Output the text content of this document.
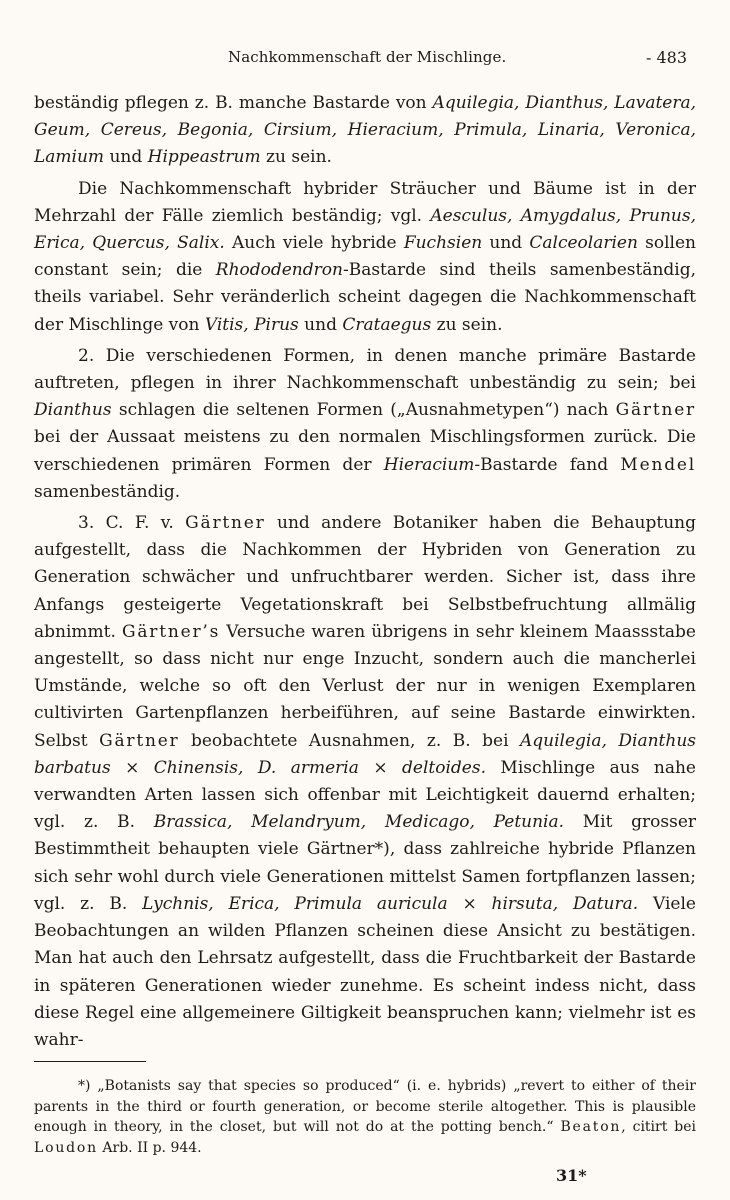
Nachkommenschaft der Mischlinge.	- 483

beständig pflegen z. B. manche Bastarde von Aquilegia, Dianthus, Lavatera, Geum, Cereus, Begonia, Cirsium, Hieracium, Primula, Linaria, Veronica, Lamium und Hippeastrum zu sein.

Die Nachkommenschaft hybrider Sträucher und Bäume ist in der Mehrzahl der Fälle ziemlich beständig; vgl. Aesculus, Amygdalus, Prunus, Erica, Quercus, Salix. Auch viele hybride Fuchsien und Calceolarien sollen constant sein; die Rhododendron-Bastarde sind theils samenbeständig, theils variabel. Sehr veränderlich scheint dagegen die Nachkommenschaft der Mischlinge von Vitis, Pirus und Crataegus zu sein.

2. Die verschiedenen Formen, in denen manche primäre Bastarde auftreten, pflegen in ihrer Nachkommenschaft unbeständig zu sein; bei Dianthus schlagen die seltenen Formen („Ausnahmetypen“) nach Gärtner bei der Aussaat meistens zu den normalen Mischlingsformen zurück. Die verschiedenen primären Formen der Hieracium-Bastarde fand Mendel samenbeständig.

3. C. F. v. Gärtner und andere Botaniker haben die Behauptung aufgestellt, dass die Nachkommen der Hybriden von Generation zu Generation schwächer und unfruchtbarer werden. Sicher ist, dass ihre Anfangs gesteigerte Vegetationskraft bei Selbstbefruchtung allmälig abnimmt. Gärtner’s Versuche waren übrigens in sehr kleinem Maassstabe angestellt, so dass nicht nur enge Inzucht, sondern auch die mancherlei Umstände, welche so oft den Verlust der nur in wenigen Exemplaren cultivirten Gartenpflanzen herbeiführen, auf seine Bastarde einwirkten. Selbst Gärtner beobachtete Ausnahmen, z. B. bei Aquilegia, Dianthus barbatus × Chinensis, D. armeria × deltoides. Mischlinge aus nahe verwandten Arten lassen sich offenbar mit Leichtigkeit dauernd erhalten; vgl. z. B. Brassica, Melandryum, Medicago, Petunia. Mit grosser Bestimmtheit behaupten viele Gärtner*), dass zahlreiche hybride Pflanzen sich sehr wohl durch viele Generationen mittelst Samen fortpflanzen lassen; vgl. z. B. Lychnis, Erica, Primula auricula × hirsuta, Datura. Viele Beobachtungen an wilden Pflanzen scheinen diese Ansicht zu bestätigen. Man hat auch den Lehrsatz aufgestellt, dass die Fruchtbarkeit der Bastarde in späteren Generationen wieder zunehme. Es scheint indess nicht, dass diese Regel eine allgemeinere Giltigkeit beanspruchen kann; vielmehr ist es wahr-

*) „Botanists say that species so produced“ (i. e. hybrids) „revert to either of their parents in the third or fourth generation, or become sterile altogether. This is plausible enough in theory, in the closet, but will not do at the potting bench.“ Beaton, citirt bei Loudon Arb. II p. 944.

31*
